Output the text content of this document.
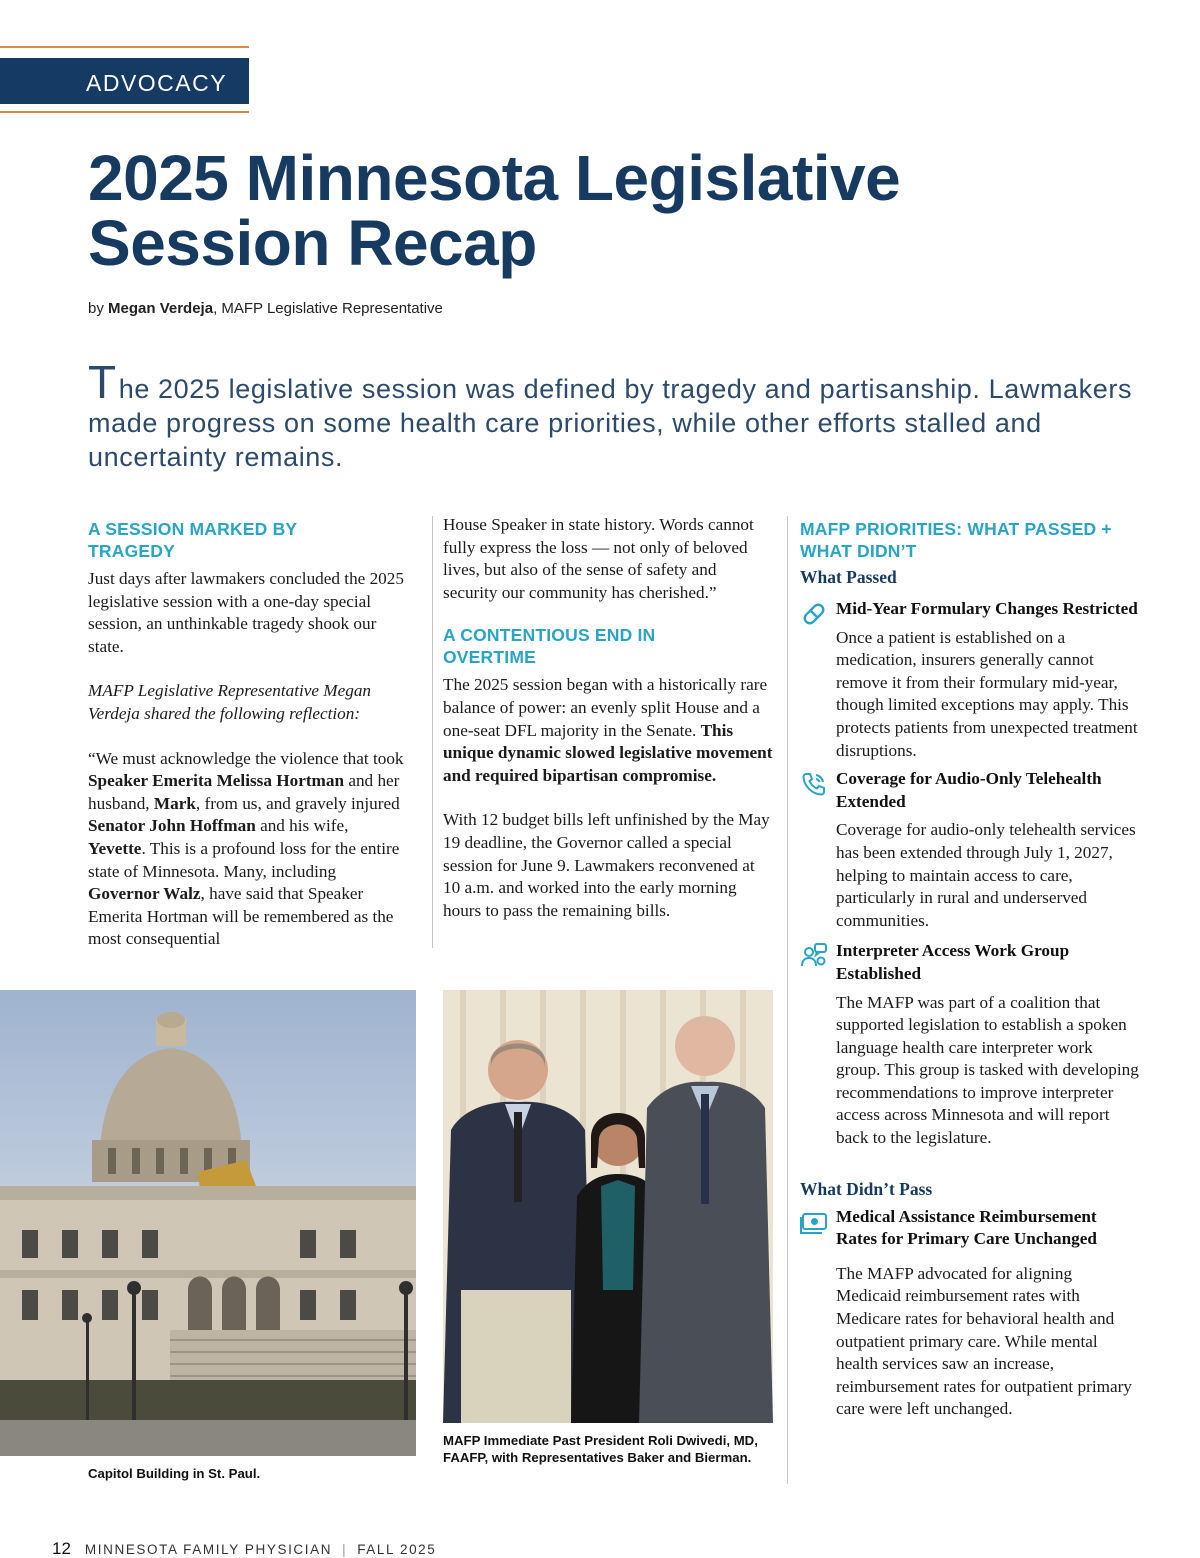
ADVOCACY
2025 Minnesota Legislative Session Recap
by Megan Verdeja, MAFP Legislative Representative
The 2025 legislative session was defined by tragedy and partisanship. Lawmakers made progress on some health care priorities, while other efforts stalled and uncertainty remains.
A SESSION MARKED BY TRAGEDY

Just days after lawmakers concluded the 2025 legislative session with a one-day special session, an unthinkable tragedy shook our state.

MAFP Legislative Representative Megan Verdeja shared the following reflection:

“We must acknowledge the violence that took Speaker Emerita Melissa Hortman and her husband, Mark, from us, and gravely injured Senator John Hoffman and his wife, Yevette. This is a profound loss for the entire state of Minnesota. Many, including Governor Walz, have said that Speaker Emerita Hortman will be remembered as the most consequential

House Speaker in state history. Words cannot fully express the loss — not only of beloved lives, but also of the sense of safety and security our community has cherished.”

A CONTENTIOUS END IN OVERTIME

The 2025 session began with a historically rare balance of power: an evenly split House and a one-seat DFL majority in the Senate. This unique dynamic slowed legislative movement and required bipartisan compromise.

With 12 budget bills left unfinished by the May 19 deadline, the Governor called a special session for June 9. Lawmakers reconvened at 10 a.m. and worked into the early morning hours to pass the remaining bills.

MAFP PRIORITIES: WHAT PASSED + WHAT DIDN’T
What Passed
Mid-Year Formulary Changes Restricted
Once a patient is established on a medication, insurers generally cannot remove it from their formulary mid-year, though limited exceptions may apply. This protects patients from unexpected treatment disruptions.
Coverage for Audio-Only Telehealth Extended
Coverage for audio-only telehealth services has been extended through July 1, 2027, helping to maintain access to care, particularly in rural and underserved communities.
Interpreter Access Work Group Established
The MAFP was part of a coalition that supported legislation to establish a spoken language health care interpreter work group. This group is tasked with developing recommendations to improve interpreter access across Minnesota and will report back to the legislature.
What Didn’t Pass
Medical Assistance Reimbursement Rates for Primary Care Unchanged
The MAFP advocated for aligning Medicaid reimbursement rates with Medicare rates for behavioral health and outpatient primary care. While mental health services saw an increase, reimbursement rates for outpatient primary care were left unchanged.
Capitol Building in St. Paul.
MAFP Immediate Past President Roli Dwivedi, MD, FAAFP, with Representatives Baker and Bierman.
12 MINNESOTA FAMILY PHYSICIAN | FALL 2025
